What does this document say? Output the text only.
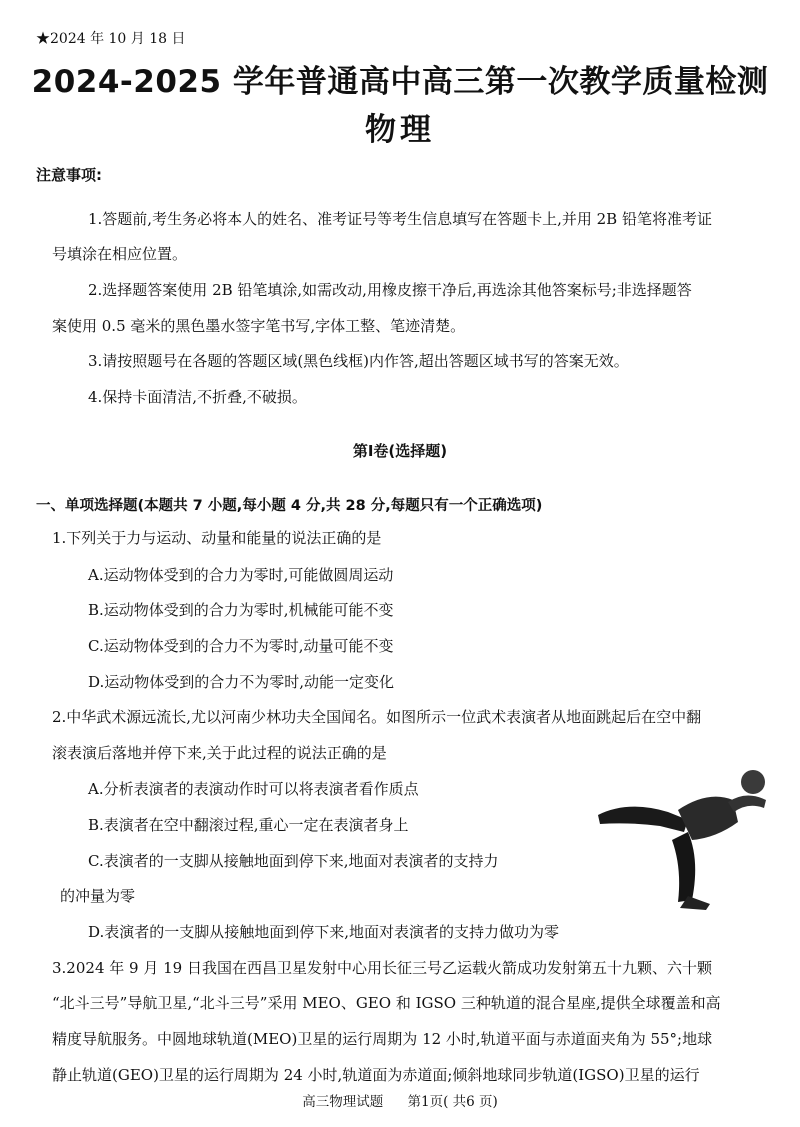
★2024 年 10 月 18 日
2024-2025 学年普通高中高三第一次教学质量检测
物理
注意事项:
1.答题前,考生务必将本人的姓名、准考证号等考生信息填写在答题卡上,并用 2B 铅笔将准考证
号填涂在相应位置。
2.选择题答案使用 2B 铅笔填涂,如需改动,用橡皮擦干净后,再选涂其他答案标号;非选择题答
案使用 0.5 毫米的黑色墨水签字笔书写,字体工整、笔迹清楚。
3.请按照题号在各题的答题区域(黑色线框)内作答,超出答题区域书写的答案无效。
4.保持卡面清洁,不折叠,不破损。
第Ⅰ卷(选择题)
一、单项选择题(本题共 7 小题,每小题 4 分,共 28 分,每题只有一个正确选项)
1.下列关于力与运动、动量和能量的说法正确的是
A.运动物体受到的合力为零时,可能做圆周运动
B.运动物体受到的合力为零时,机械能可能不变
C.运动物体受到的合力不为零时,动量可能不变
D.运动物体受到的合力不为零时,动能一定变化
2.中华武术源远流长,尤以河南少林功夫全国闻名。如图所示一位武术表演者从地面跳起后在空中翻
滚表演后落地并停下来,关于此过程的说法正确的是
A.分析表演者的表演动作时可以将表演者看作质点
B.表演者在空中翻滚过程,重心一定在表演者身上
C.表演者的一支脚从接触地面到停下来,地面对表演者的支持力
的冲量为零
D.表演者的一支脚从接触地面到停下来,地面对表演者的支持力做功为零
3.2024 年 9 月 19 日我国在西昌卫星发射中心用长征三号乙运载火箭成功发射第五十九颗、六十颗
“北斗三号”导航卫星,“北斗三号”采用 MEO、GEO 和 IGSO 三种轨道的混合星座,提供全球覆盖和高
精度导航服务。中圆地球轨道(MEO)卫星的运行周期为 12 小时,轨道平面与赤道面夹角为 55°;地球
静止轨道(GEO)卫星的运行周期为 24 小时,轨道面为赤道面;倾斜地球同步轨道(IGSO)卫星的运行
高三物理试题 第1页( 共6 页)
